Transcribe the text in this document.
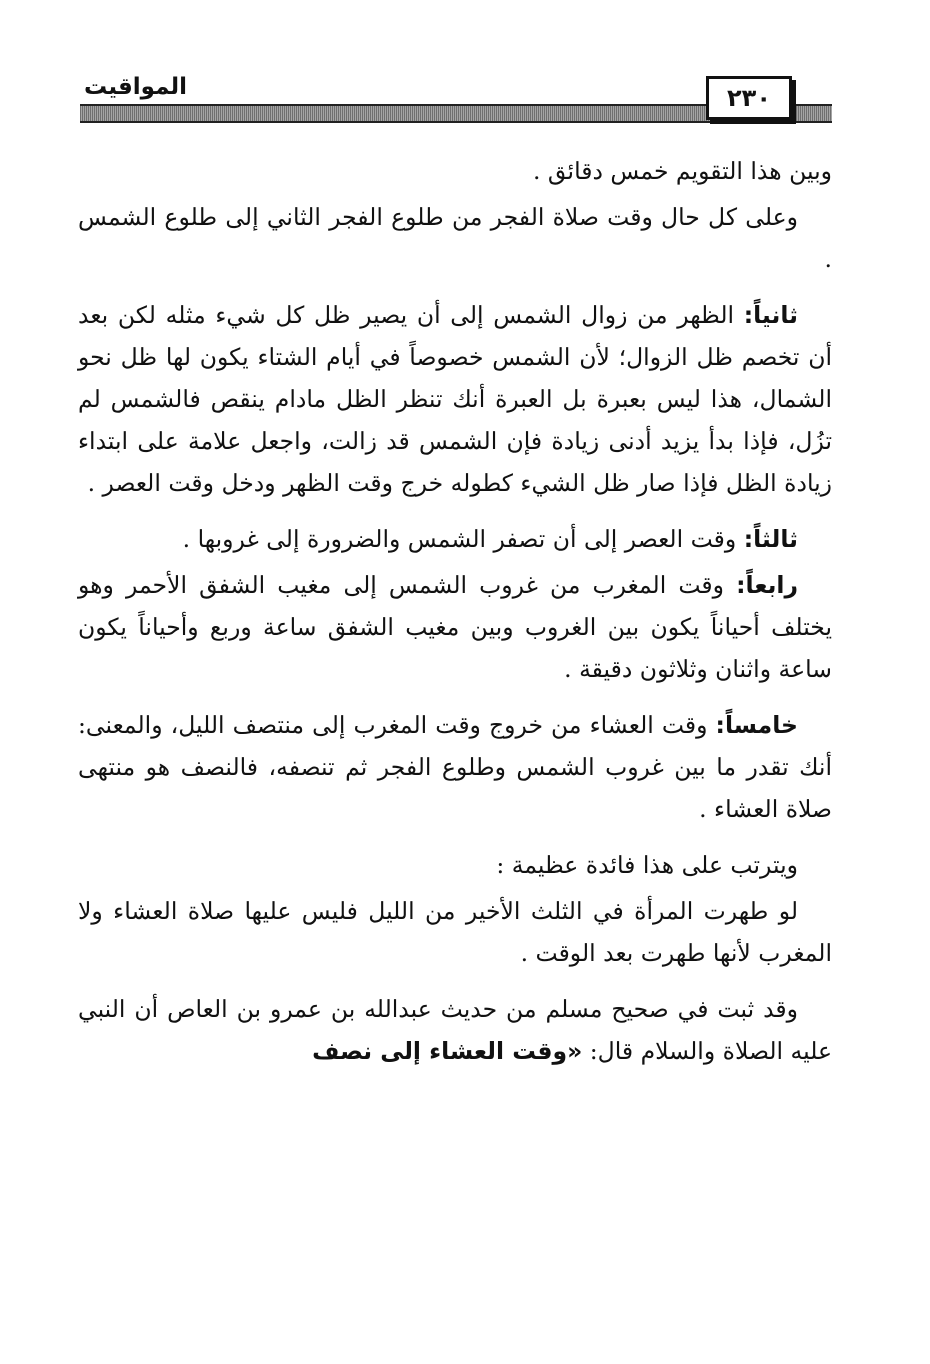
المواقيت	٢٣٠

وبين هذا التقويم خمس دقائق .

وعلى كل حال وقت صلاة الفجر من طلوع الفجر الثاني إلى طلوع الشمس .

ثانياً: الظهر من زوال الشمس إلى أن يصير ظل كل شيء مثله لكن بعد أن تخصم ظل الزوال؛ لأن الشمس خصوصاً في أيام الشتاء يكون لها ظل نحو الشمال، هذا ليس بعبرة بل العبرة أنك تنظر الظل مادام ينقص فالشمس لم تزُل، فإذا بدأ يزيد أدنى زيادة فإن الشمس قد زالت، واجعل علامة على ابتداء زيادة الظل فإذا صار ظل الشيء كطوله خرج وقت الظهر ودخل وقت العصر .

ثالثاً: وقت العصر إلى أن تصفر الشمس والضرورة إلى غروبها .

رابعاً: وقت المغرب من غروب الشمس إلى مغيب الشفق الأحمر وهو يختلف أحياناً يكون بين الغروب وبين مغيب الشفق ساعة وربع وأحياناً يكون ساعة واثنان وثلاثون دقيقة .

خامساً: وقت العشاء من خروج وقت المغرب إلى منتصف الليل، والمعنى: أنك تقدر ما بين غروب الشمس وطلوع الفجر ثم تنصفه، فالنصف هو منتهى صلاة العشاء .

ويترتب على هذا فائدة عظيمة :

لو طهرت المرأة في الثلث الأخير من الليل فليس عليها صلاة العشاء ولا المغرب لأنها طهرت بعد الوقت .

وقد ثبت في صحيح مسلم من حديث عبدالله بن عمرو بن العاص أن النبي عليه الصلاة والسلام قال: «وقت العشاء إلى نصف
